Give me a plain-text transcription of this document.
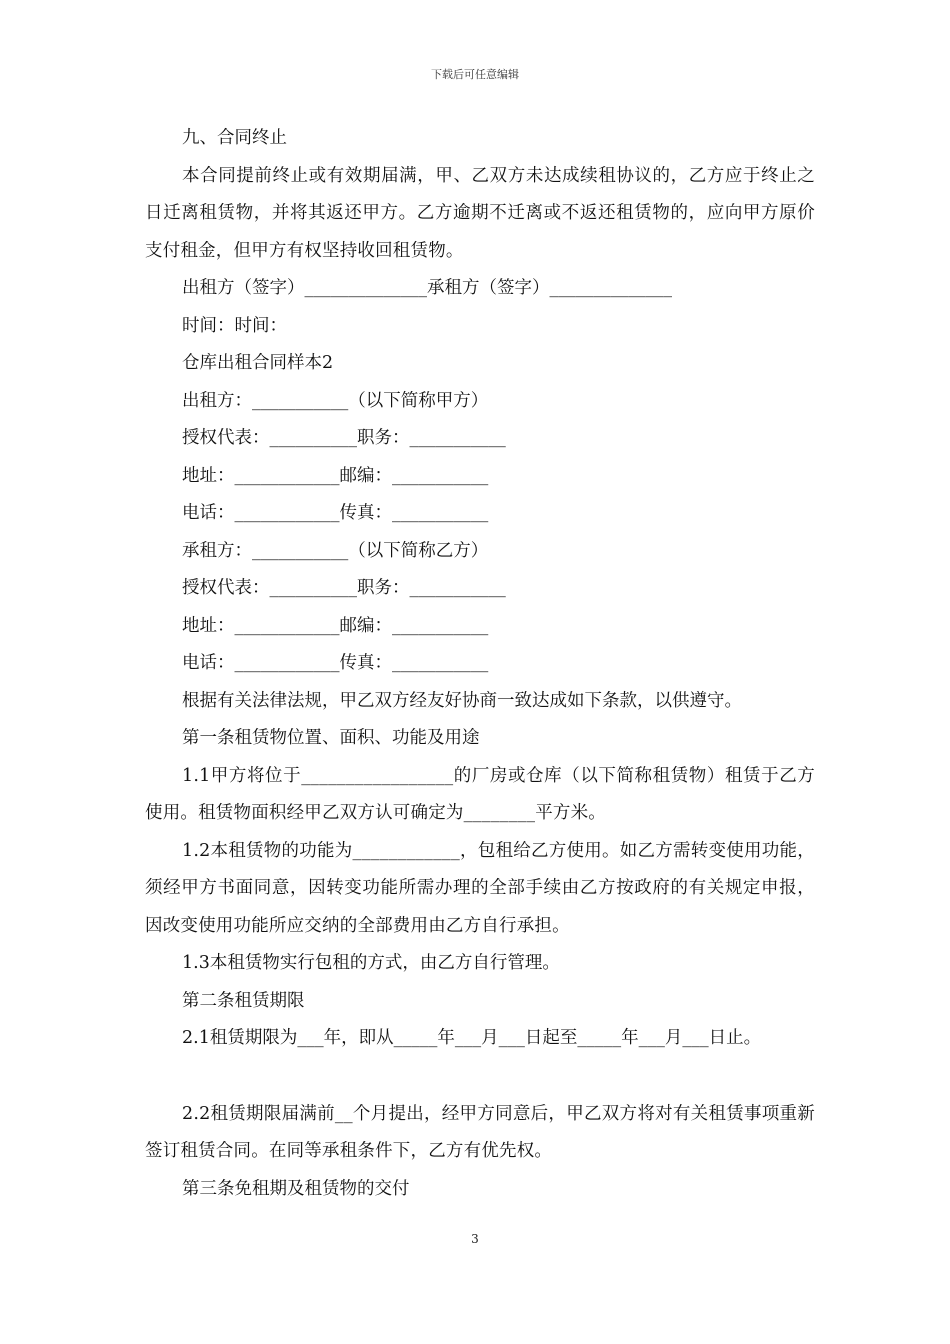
下载后可任意编辑

九、合同终止

本合同提前终止或有效期届满，甲、乙双方未达成续租协议的，乙方应于终止之日迁离租赁物，并将其返还甲方。乙方逾期不迁离或不返还租赁物的，应向甲方原价支付租金，但甲方有权坚持收回租赁物。

出租方（签字）______________承租方（签字）______________

时间：时间：

仓库出租合同样本2

出租方：___________（以下简称甲方）

授权代表：__________职务：___________

地址：____________邮编：___________

电话：____________传真：___________

承租方：___________（以下简称乙方）

授权代表：__________职务：___________

地址：____________邮编：___________

电话：____________传真：___________

根据有关法律法规，甲乙双方经友好协商一致达成如下条款，以供遵守。

第一条租赁物位置、面积、功能及用途

1.1甲方将位于_________________的厂房或仓库（以下简称租赁物）租赁于乙方使用。租赁物面积经甲乙双方认可确定为________平方米。

1.2本租赁物的功能为____________，包租给乙方使用。如乙方需转变使用功能，须经甲方书面同意，因转变功能所需办理的全部手续由乙方按政府的有关规定申报，因改变使用功能所应交纳的全部费用由乙方自行承担。

1.3本租赁物实行包租的方式，由乙方自行管理。

第二条租赁期限

2.1租赁期限为___年，即从_____年___月___日起至_____年___月___日止。

2.2租赁期限届满前__个月提出，经甲方同意后，甲乙双方将对有关租赁事项重新签订租赁合同。在同等承租条件下，乙方有优先权。

第三条免租期及租赁物的交付

3
